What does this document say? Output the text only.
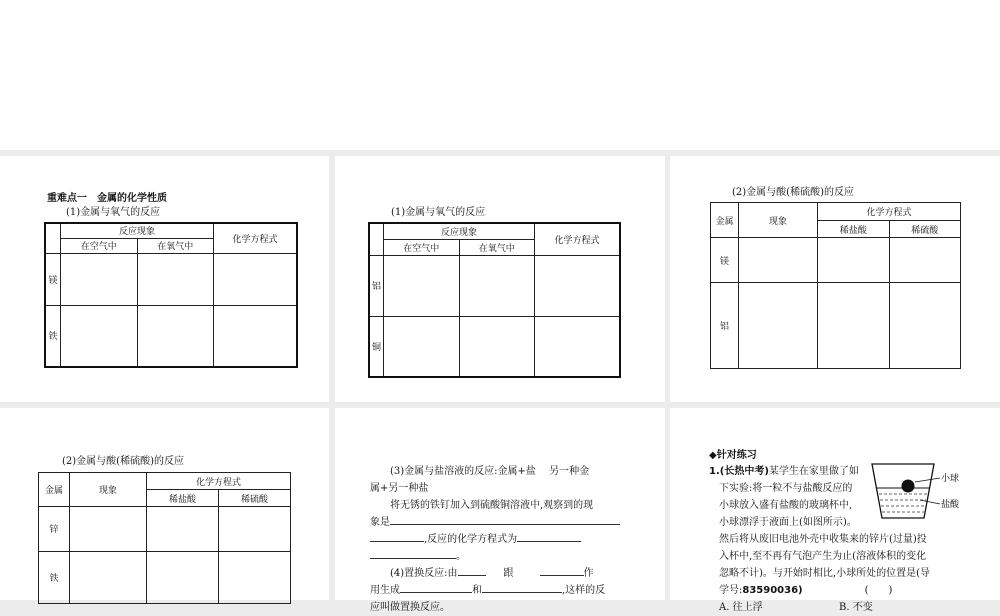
重难点一　金属的化学性质
(1)金属与氧气的反应
	反应现象		化学方程式
	在空气中	在氧气中	
镁			
铁			
(1)金属与氧气的反应
	反应现象		化学方程式
	在空气中	在氧气中	
铝			
铜			
(2)金属与酸(稀硫酸)的反应
金属	现象	化学方程式	
		稀盐酸	稀硫酸
镁			
铝			
(2)金属与酸(稀硫酸)的反应
金属	现象	化学方程式	
		稀盐酸	稀硫酸
锌			
铁			
(3)金属与盐溶液的反应:金属+盐　 另一种金
属+另一种盐
将无锈的铁钉加入到硫酸铜溶液中,观察到的现
象是
,反应的化学方程式为
。
(4)置换反应:由	跟	作
用生成	和	,这样的反
应叫做置换反应。
◆针对练习
1.(长热中考)某学生在家里做了如
下实验:将一粒不与盐酸反应的
小球放入盛有盐酸的玻璃杯中,
小球漂浮于液面上(如图所示)。
然后将从废旧电池外壳中收集来的锌片(过量)投
入杯中,至不再有气泡产生为止(溶液体积的变化
忽略不计)。与开始时相比,小球所处的位置是(导
学号:83590036)	(　　)
A. 往上浮	B. 不变
小球
盐酸
